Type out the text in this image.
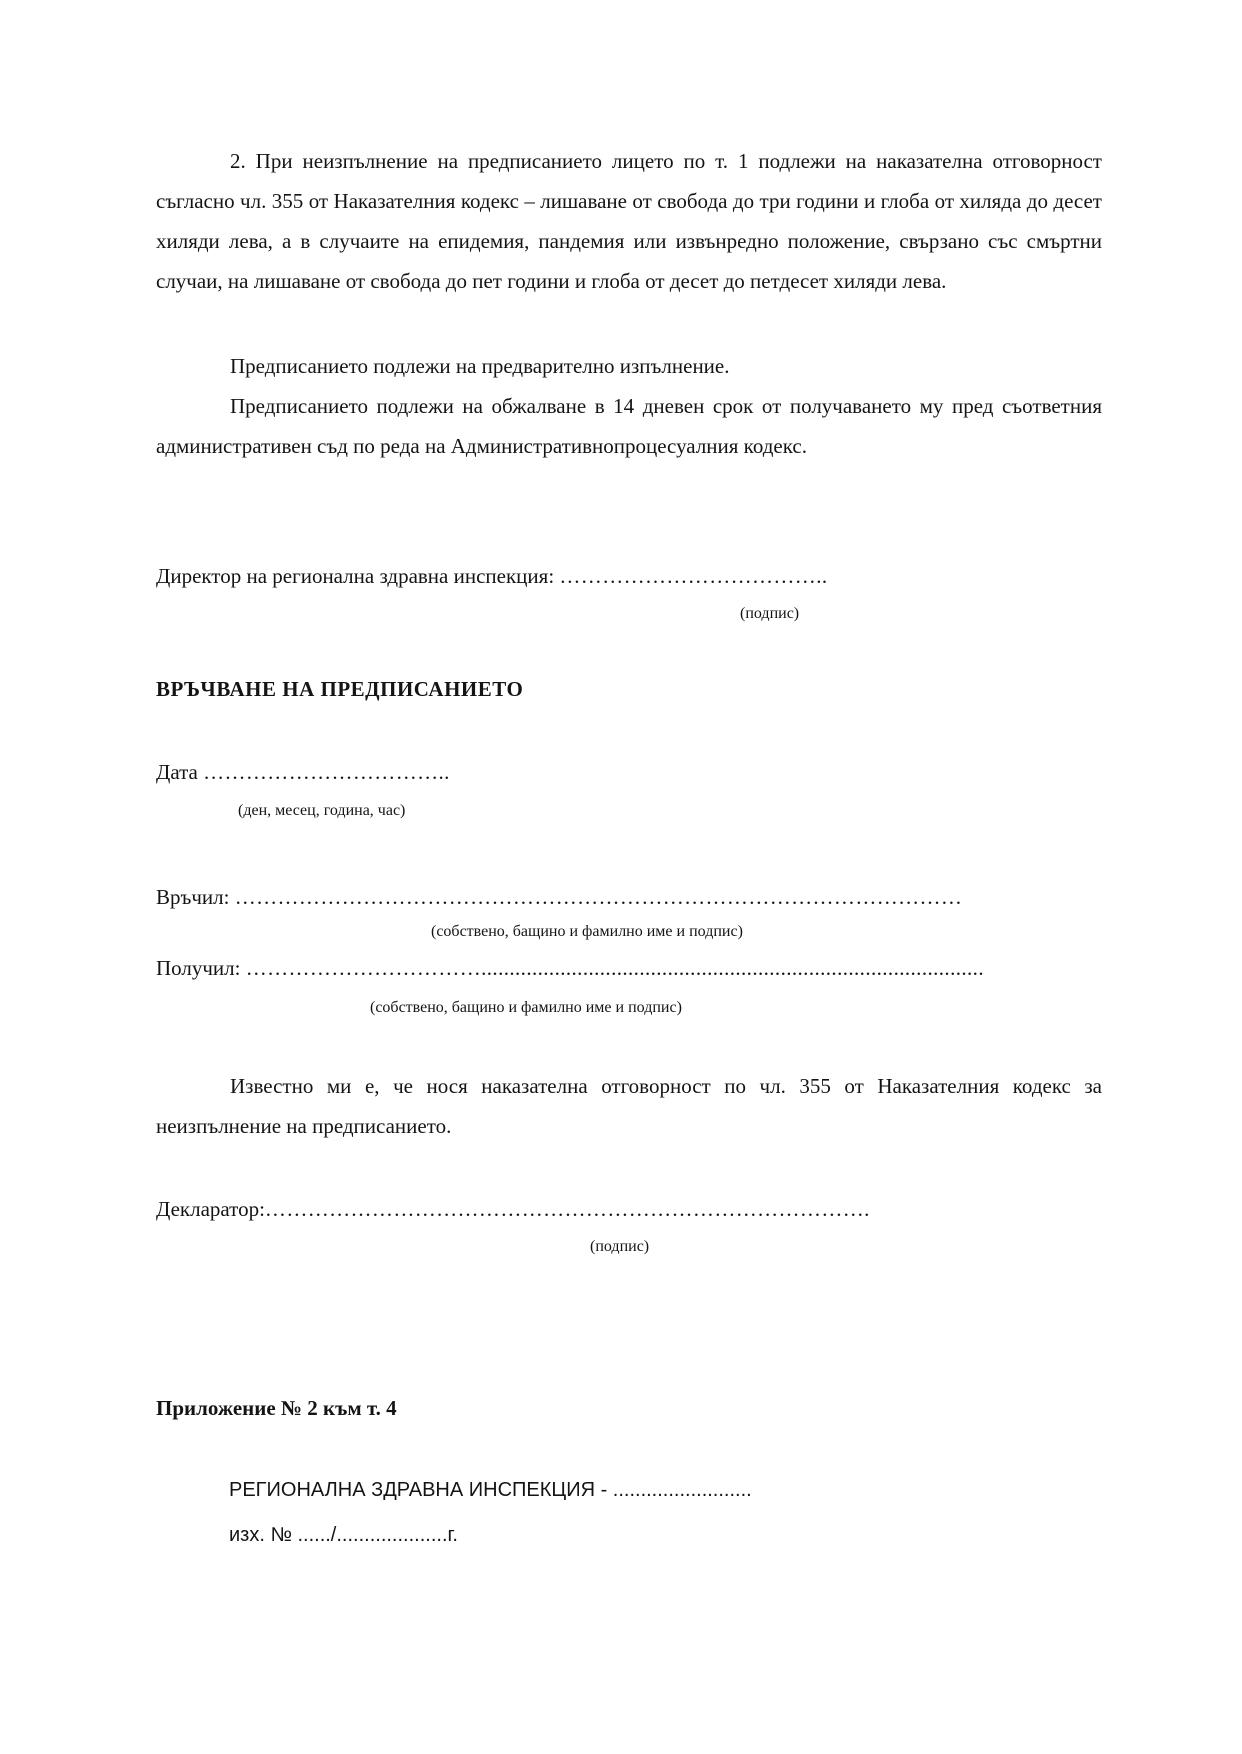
2. При неизпълнение на предписанието лицето по т. 1 подлежи на наказателна отговорност съгласно чл. 355 от Наказателния кодекс – лишаване от свобода до три години и глоба от хиляда до десет хиляди лева, а в случаите на епидемия, пандемия или извънредно положение, свързано със смъртни случаи, на лишаване от свобода до пет години и глоба от десет до петдесет хиляди лева.
Предписанието подлежи на предварително изпълнение.
Предписанието подлежи на обжалване в 14 дневен срок от получаването му пред съответния административен съд по реда на Административнопроцесуалния кодекс.
Директор на регионална здравна инспекция: ………………………………..
(подпис)
ВРЪЧВАНЕ НА ПРЕДПИСАНИЕТО
Дата ……………………………..
(ден, месец, година, час)
Връчил: …………………………………………………………………………………………
(собствено, бащино и фамилно име и подпис)
Получил: …………………………….........................................................................................
(собствено, бащино и фамилно име и подпис)
Известно ми е, че нося наказателна отговорност по чл. 355 от Наказателния кодекс за неизпълнение на предписанието.
Декларатор:………………………………………………………………………….
(подпис)
Приложение № 2 към т. 4
РЕГИОНАЛНА ЗДРАВНА ИНСПЕКЦИЯ - .........................
изх. № ....../....................г.
